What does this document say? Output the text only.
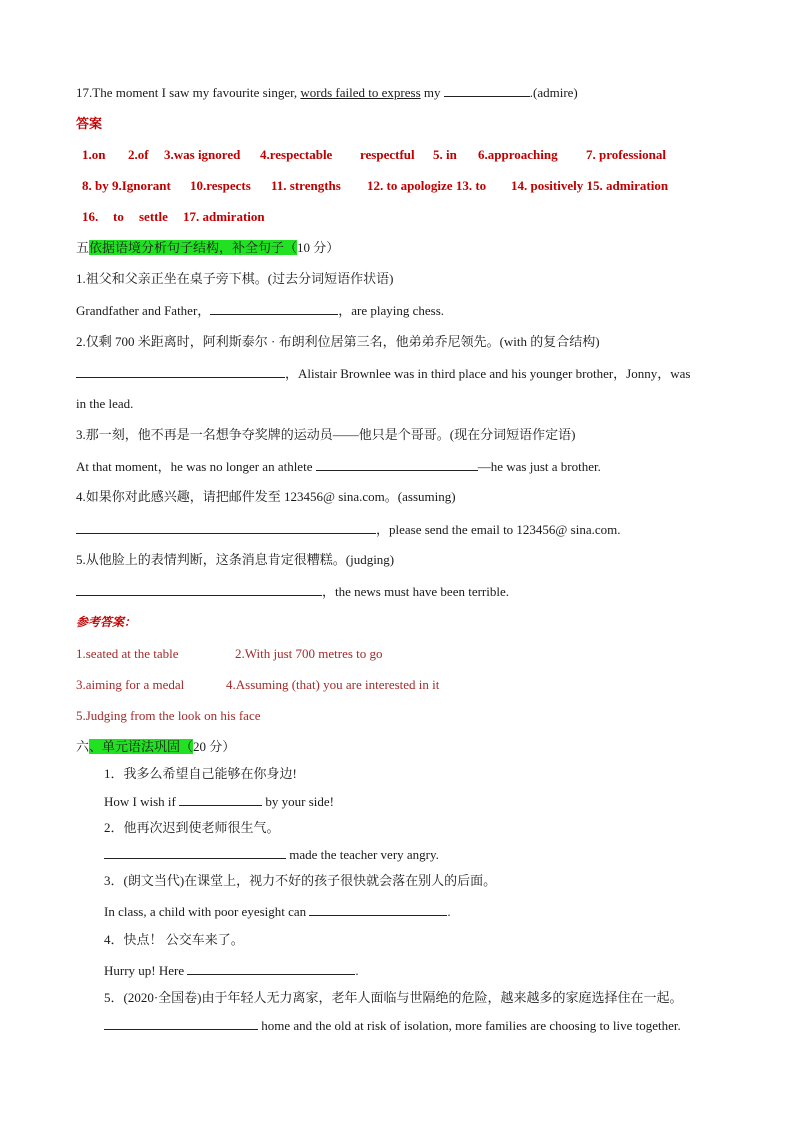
17.The moment I saw my favourite singer, words failed to express my	.(admire)
答案
1.on 2.of 3.was ignored 4.respectable respectful 5. in 6.approaching 7. professional
8. by 9.Ignorant 10.respects 11. strengths 12. to apologize 13. to 14. positively 15. admiration
16. to settle 17. admiration
五依据语境分析句子结构，补全句子（10 分）
1.祖父和父亲正坐在桌子旁下棋。(过去分词短语作状语)
Grandfather and Father，	，are playing chess.
2.仅剩 700 米距离时，阿利斯泰尔 · 布朗利位居第三名，他弟弟乔尼领先。(with 的复合结构)
，Alistair Brownlee was in third place and his younger brother，Jonny，was
in the lead.
3.那一刻，他不再是一名想争夺奖牌的运动员——他只是个哥哥。(现在分词短语作定语)
At that moment，he was no longer an athlete	—he was just a brother.
4.如果你对此感兴趣，请把邮件发至 123456@ sina.com。(assuming)
，please send the email to 123456@ sina.com.
5.从他脸上的表情判断，这条消息肯定很糟糕。(judging)
，the news must have been terrible.
参考答案：
1.seated at the table	2.With just 700 metres to go
3.aiming for a medal	4.Assuming (that) you are interested in it
5.Judging from the look on his face
六、单元语法巩固（20 分）
1．我多么希望自己能够在你身边!
How I wish if	by your side!
2．他再次迟到使老师很生气。
made the teacher very angry.
3．(朗文当代)在课堂上，视力不好的孩子很快就会落在别人的后面。
In class, a child with poor eyesight can	.
4．快点！ 公交车来了。
Hurry up! Here	.
5．(2020·全国卷)由于年轻人无力离家，老年人面临与世隔绝的危险，越来越多的家庭选择住在一起。
home and the old at risk of isolation, more families are choosing to live together.
